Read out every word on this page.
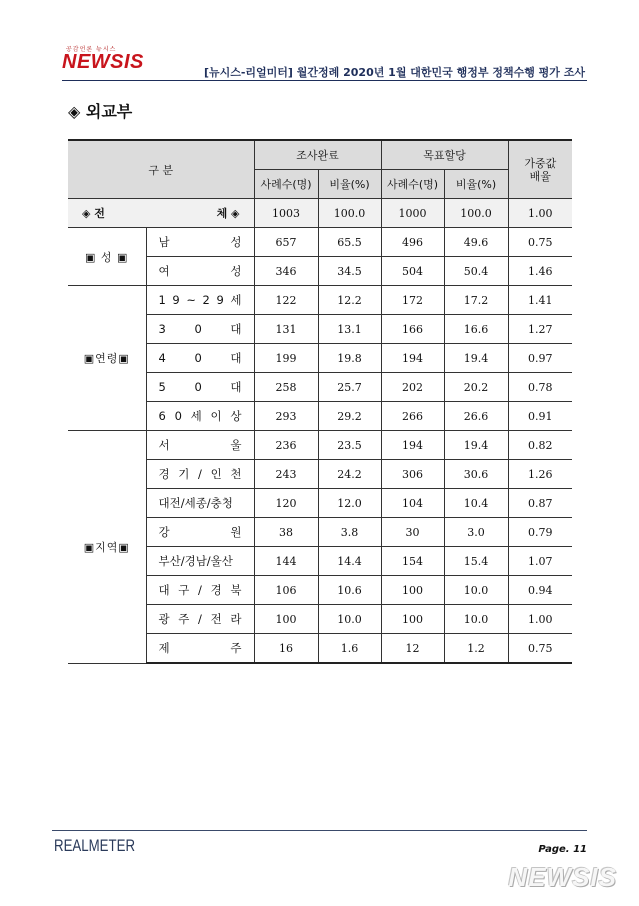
공감언론 뉴시스
NEWSIS	[뉴시스-리얼미터] 월간정례 2020년 1월 대한민국 행정부 정책수행 평가 조사
◈ 외교부
구 분		조사완료		목표할당		가중값
배율

		사례수(명)	비율(%)	사례수(명)	비율(%)	

◈ 전 체 ◈		1003	100.0	1000	100.0	1.00
▣ 성 ▣	남            성	657	65.5	496	49.6	0.75

	여            성	346	34.5	504	50.4	1.46
▣연령▣	1 9 ~ 2 9 세	122	12.2	172	17.2	1.41

	3      0      대	131	13.1	166	16.6	1.27

	4      0      대	199	19.8	194	19.4	0.97

	5      0      대	258	25.7	202	20.2	0.78

	6 0 세 이 상	293	29.2	266	26.6	0.91
▣지역▣	서            울	236	23.5	194	19.4	0.82

	경 기 / 인 천	243	24.2	306	30.6	1.26

	대전/세종/충청	120	12.0	104	10.4	0.87

	강            원	38	3.8	30	3.0	0.79

	부산/경남/울산	144	14.4	154	15.4	1.07

	대 구 / 경 북	106	10.6	100	10.0	0.94

	광 주 / 전 라	100	10.0	100	10.0	1.00

	제            주	16	1.6	12	1.2	0.75
REALMETER	Page. 11
NEWSIS
